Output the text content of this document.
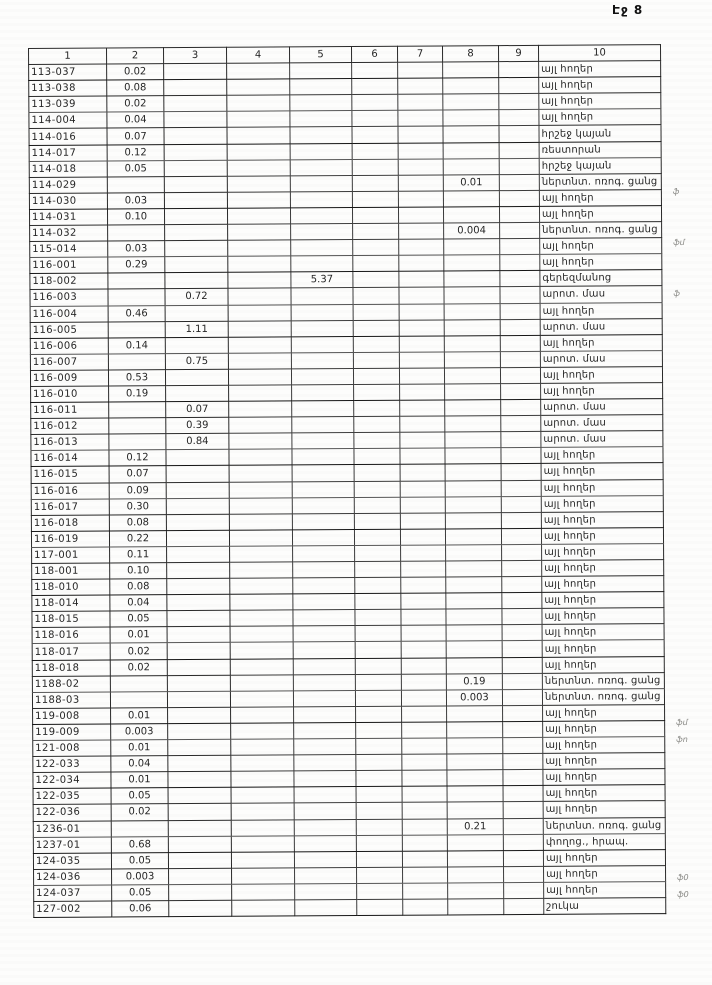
Էջ 8
1	2	3	4	5	6	7	8	9	10
113-037	0.02								այլ հողեր
113-038	0.08								այլ հողեր
113-039	0.02								այլ հողեր
114-004	0.04								այլ հողեր
114-016	0.07								հրշեջ կայան
114-017	0.12								ռեստորան
114-018	0.05								հրշեջ կայան
114-029							0.01		ներտնտ. ոռոգ. ցանց
114-030	0.03								այլ հողեր
114-031	0.10								այլ հողեր
114-032							0.004		ներտնտ. ոռոգ. ցանց
115-014	0.03								այլ հողեր
116-001	0.29								այլ հողեր
118-002				5.37					գերեզմանոց
116-003		0.72							արոտ. մաս
116-004	0.46								այլ հողեր
116-005		1.11							արոտ. մաս
116-006	0.14								այլ հողեր
116-007		0.75							արոտ. մաս
116-009	0.53								այլ հողեր
116-010	0.19								այլ հողեր
116-011		0.07							արոտ. մաս
116-012		0.39							արոտ. մաս
116-013		0.84							արոտ. մաս
116-014	0.12								այլ հողեր
116-015	0.07								այլ հողեր
116-016	0.09								այլ հողեր
116-017	0.30								այլ հողեր
116-018	0.08								այլ հողեր
116-019	0.22								այլ հողեր
117-001	0.11								այլ հողեր
118-001	0.10								այլ հողեր
118-010	0.08								այլ հողեր
118-014	0.04								այլ հողեր
118-015	0.05								այլ հողեր
118-016	0.01								այլ հողեր
118-017	0.02								այլ հողեր
118-018	0.02								այլ հողեր
1188-02							0.19		ներտնտ. ոռոգ. ցանց
1188-03							0.003		ներտնտ. ոռոգ. ցանց
119-008	0.01								այլ հողեր
119-009	0.003								այլ հողեր
121-008	0.01								այլ հողեր
122-033	0.04								այլ հողեր
122-034	0.01								այլ հողեր
122-035	0.05								այլ հողեր
122-036	0.02								այլ հողեր
1236-01							0.21		ներտնտ. ոռոգ. ցանց
1237-01	0.68								փողոց., հրապ.
124-035	0.05								այլ հողեր
124-036	0.003								այլ հողեր
124-037	0.05								այլ հողեր
127-002	0.06								շուկա
ֆ
ֆմ
ֆ
ֆմ
ֆո
ֆ0
ֆ0
